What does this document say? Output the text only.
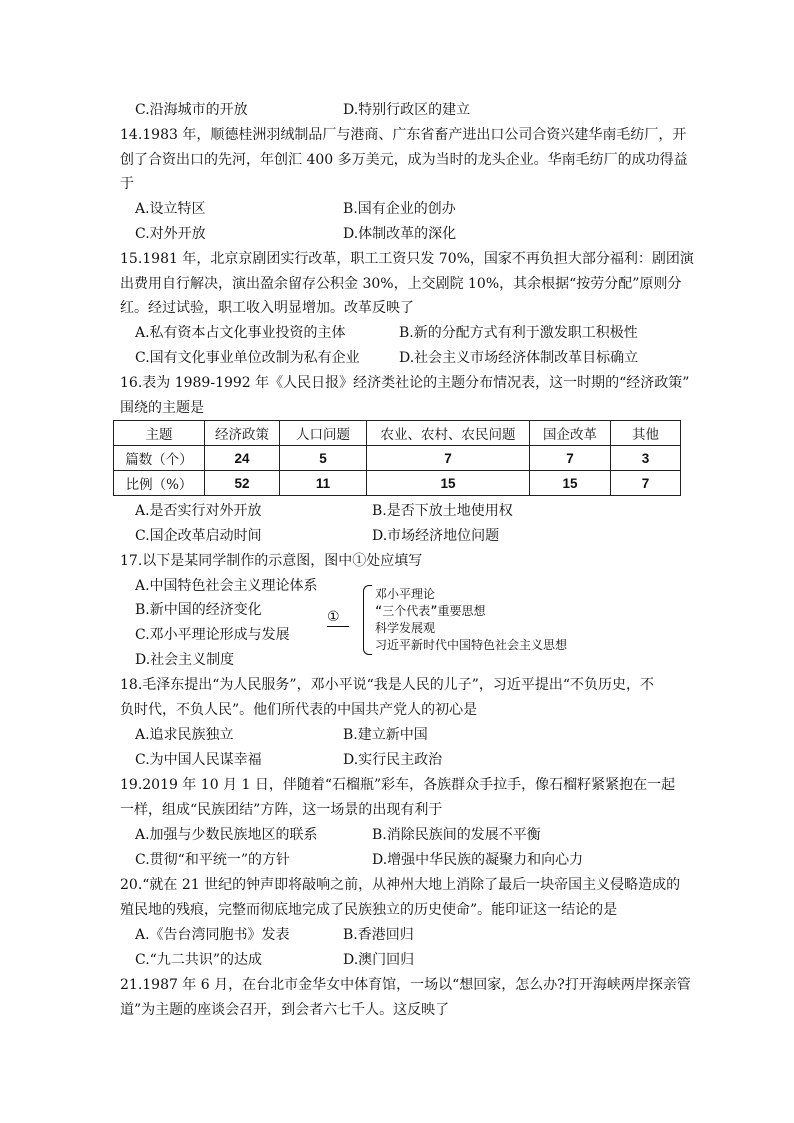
C.沿海城市的开放	D.特别行政区的建立
14.1983 年，顺德桂洲羽绒制品厂与港商、广东省畜产进出口公司合资兴建华南毛纺厂，开
创了合资出口的先河，年创汇 400 多万美元，成为当时的龙头企业。华南毛纺厂的成功得益
于
A.设立特区	B.国有企业的创办
C.对外开放	D.体制改革的深化
15.1981 年，北京京剧团实行改革，职工工资只发 70%，国家不再负担大部分福利：剧团演
出费用自行解决，演出盈余留存公积金 30%，上交剧院 10%，其余根据“按劳分配”原则分
红。经过试验，职工收入明显增加。改革反映了
A.私有资本占文化事业投资的主体	B.新的分配方式有利于激发职工积极性
C.国有文化事业单位改制为私有企业	D.社会主义市场经济体制改革目标确立
16.表为 1989-1992 年《人民日报》经济类社论的主题分布情况表，这一时期的“经济政策”
围绕的主题是
主题	经济政策	人口问题	农业、农村、农民问题	国企改革	其他
篇数（个）	24	5	7	7	3
比例（%）	52	11	15	15	7
A.是否实行对外开放	B.是否下放土地使用权
C.国企改革启动时间	D.市场经济地位问题
17.以下是某同学制作的示意图，图中①处应填写
A.中国特色社会主义理论体系
B.新中国的经济变化
C.邓小平理论形成与发展
D.社会主义制度
①
邓小平理论
“三个代表”重要思想
科学发展观
习近平新时代中国特色社会主义思想
18.毛泽东提出“为人民服务”，邓小平说“我是人民的儿子”，习近平提出“不负历史，不
负时代，不负人民”。他们所代表的中国共产党人的初心是
A.追求民族独立	B.建立新中国
C.为中国人民谋幸福	D.实行民主政治
19.2019 年 10 月 1 日，伴随着“石榴瓶”彩车，各族群众手拉手，像石榴籽紧紧抱在一起
一样，组成“民族团结”方阵，这一场景的出现有利于
A.加强与少数民族地区的联系	B.消除民族间的发展不平衡
C.贯彻“和平统一”的方针	D.增强中华民族的凝聚力和向心力
20.“就在 21 世纪的钟声即将敲响之前，从神州大地上消除了最后一块帝国主义侵略造成的
殖民地的残痕，完整而彻底地完成了民族独立的历史使命”。能印证这一结论的是
A.《告台湾同胞书》发表	B.香港回归
C.“九二共识”的达成	D.澳门回归
21.1987 年 6 月，在台北市金华女中体育馆，一场以“想回家，怎么办?打开海峡两岸探亲管
道”为主题的座谈会召开，到会者六七千人。这反映了
